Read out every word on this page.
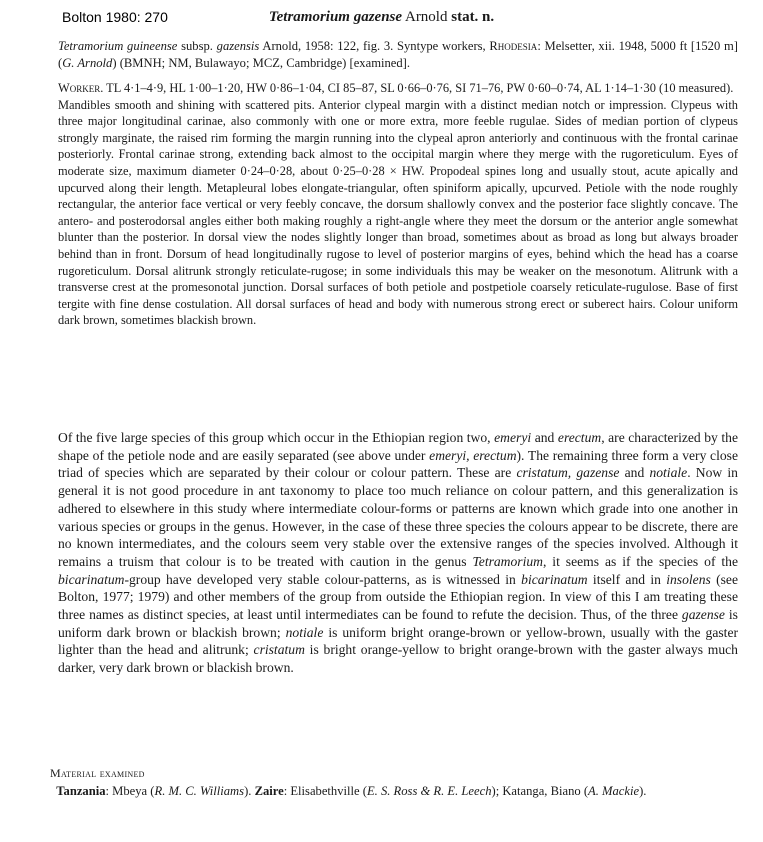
Bolton 1980: 270	Tetramorium gazense Arnold stat. n.
Tetramorium guineense subsp. gazensis Arnold, 1958: 122, fig. 3. Syntype workers, Rhodesia: Melsetter, xii. 1948, 5000 ft [1520 m] (G. Arnold) (BMNH; NM, Bulawayo; MCZ, Cambridge) [examined].
Worker. TL 4·1–4·9, HL 1·00–1·20, HW 0·86–1·04, CI 85–87, SL 0·66–0·76, SI 71–76, PW 0·60–0·74, AL 1·14–1·30 (10 measured).
Mandibles smooth and shining with scattered pits. Anterior clypeal margin with a distinct median notch or impression. Clypeus with three major longitudinal carinae, also commonly with one or more extra, more feeble rugulae. Sides of median portion of clypeus strongly marginate, the raised rim forming the margin running into the clypeal apron anteriorly and continuous with the frontal carinae posteriorly. Frontal carinae strong, extending back almost to the occipital margin where they merge with the rugoreticulum. Eyes of moderate size, maximum diameter 0·24–0·28, about 0·25–0·28 × HW. Propodeal spines long and usually stout, acute apically and upcurved along their length. Metapleural lobes elongate-triangular, often spiniform apically, upcurved. Petiole with the node roughly rectangular, the anterior face vertical or very feebly concave, the dorsum shallowly convex and the posterior face slightly concave. The antero- and posterodorsal angles either both making roughly a right-angle where they meet the dorsum or the anterior angle somewhat blunter than the posterior. In dorsal view the nodes slightly longer than broad, sometimes about as broad as long but always broader behind than in front. Dorsum of head longitudinally rugose to level of posterior margins of eyes, behind which the head has a coarse rugoreticulum. Dorsal alitrunk strongly reticulate-rugose; in some individuals this may be weaker on the mesonotum. Alitrunk with a transverse crest at the promesonotal junction. Dorsal surfaces of both petiole and postpetiole coarsely reticulate-rugulose. Base of first tergite with fine dense costulation. All dorsal surfaces of head and body with numerous strong erect or suberect hairs. Colour uniform dark brown, sometimes blackish brown.
Of the five large species of this group which occur in the Ethiopian region two, emeryi and erectum, are characterized by the shape of the petiole node and are easily separated (see above under emeryi, erectum). The remaining three form a very close triad of species which are separated by their colour or colour pattern. These are cristatum, gazense and notiale. Now in general it is not good procedure in ant taxonomy to place too much reliance on colour pattern, and this generalization is adhered to elsewhere in this study where intermediate colour-forms or patterns are known which grade into one another in various species or groups in the genus. However, in the case of these three species the colours appear to be discrete, there are no known intermediates, and the colours seem very stable over the extensive ranges of the species involved. Although it remains a truism that colour is to be treated with caution in the genus Tetramorium, it seems as if the species of the bicarinatum-group have developed very stable colour-patterns, as is witnessed in bicarinatum itself and in insolens (see Bolton, 1977; 1979) and other members of the group from outside the Ethiopian region. In view of this I am treating these three names as distinct species, at least until intermediates can be found to refute the decision. Thus, of the three gazense is uniform dark brown or blackish brown; notiale is uniform bright orange-brown or yellow-brown, usually with the gaster lighter than the head and alitrunk; cristatum is bright orange-yellow to bright orange-brown with the gaster always much darker, very dark brown or blackish brown.
Material examined
Tanzania: Mbeya (R. M. C. Williams). Zaire: Elisabethville (E. S. Ross & R. E. Leech); Katanga, Biano (A. Mackie).
